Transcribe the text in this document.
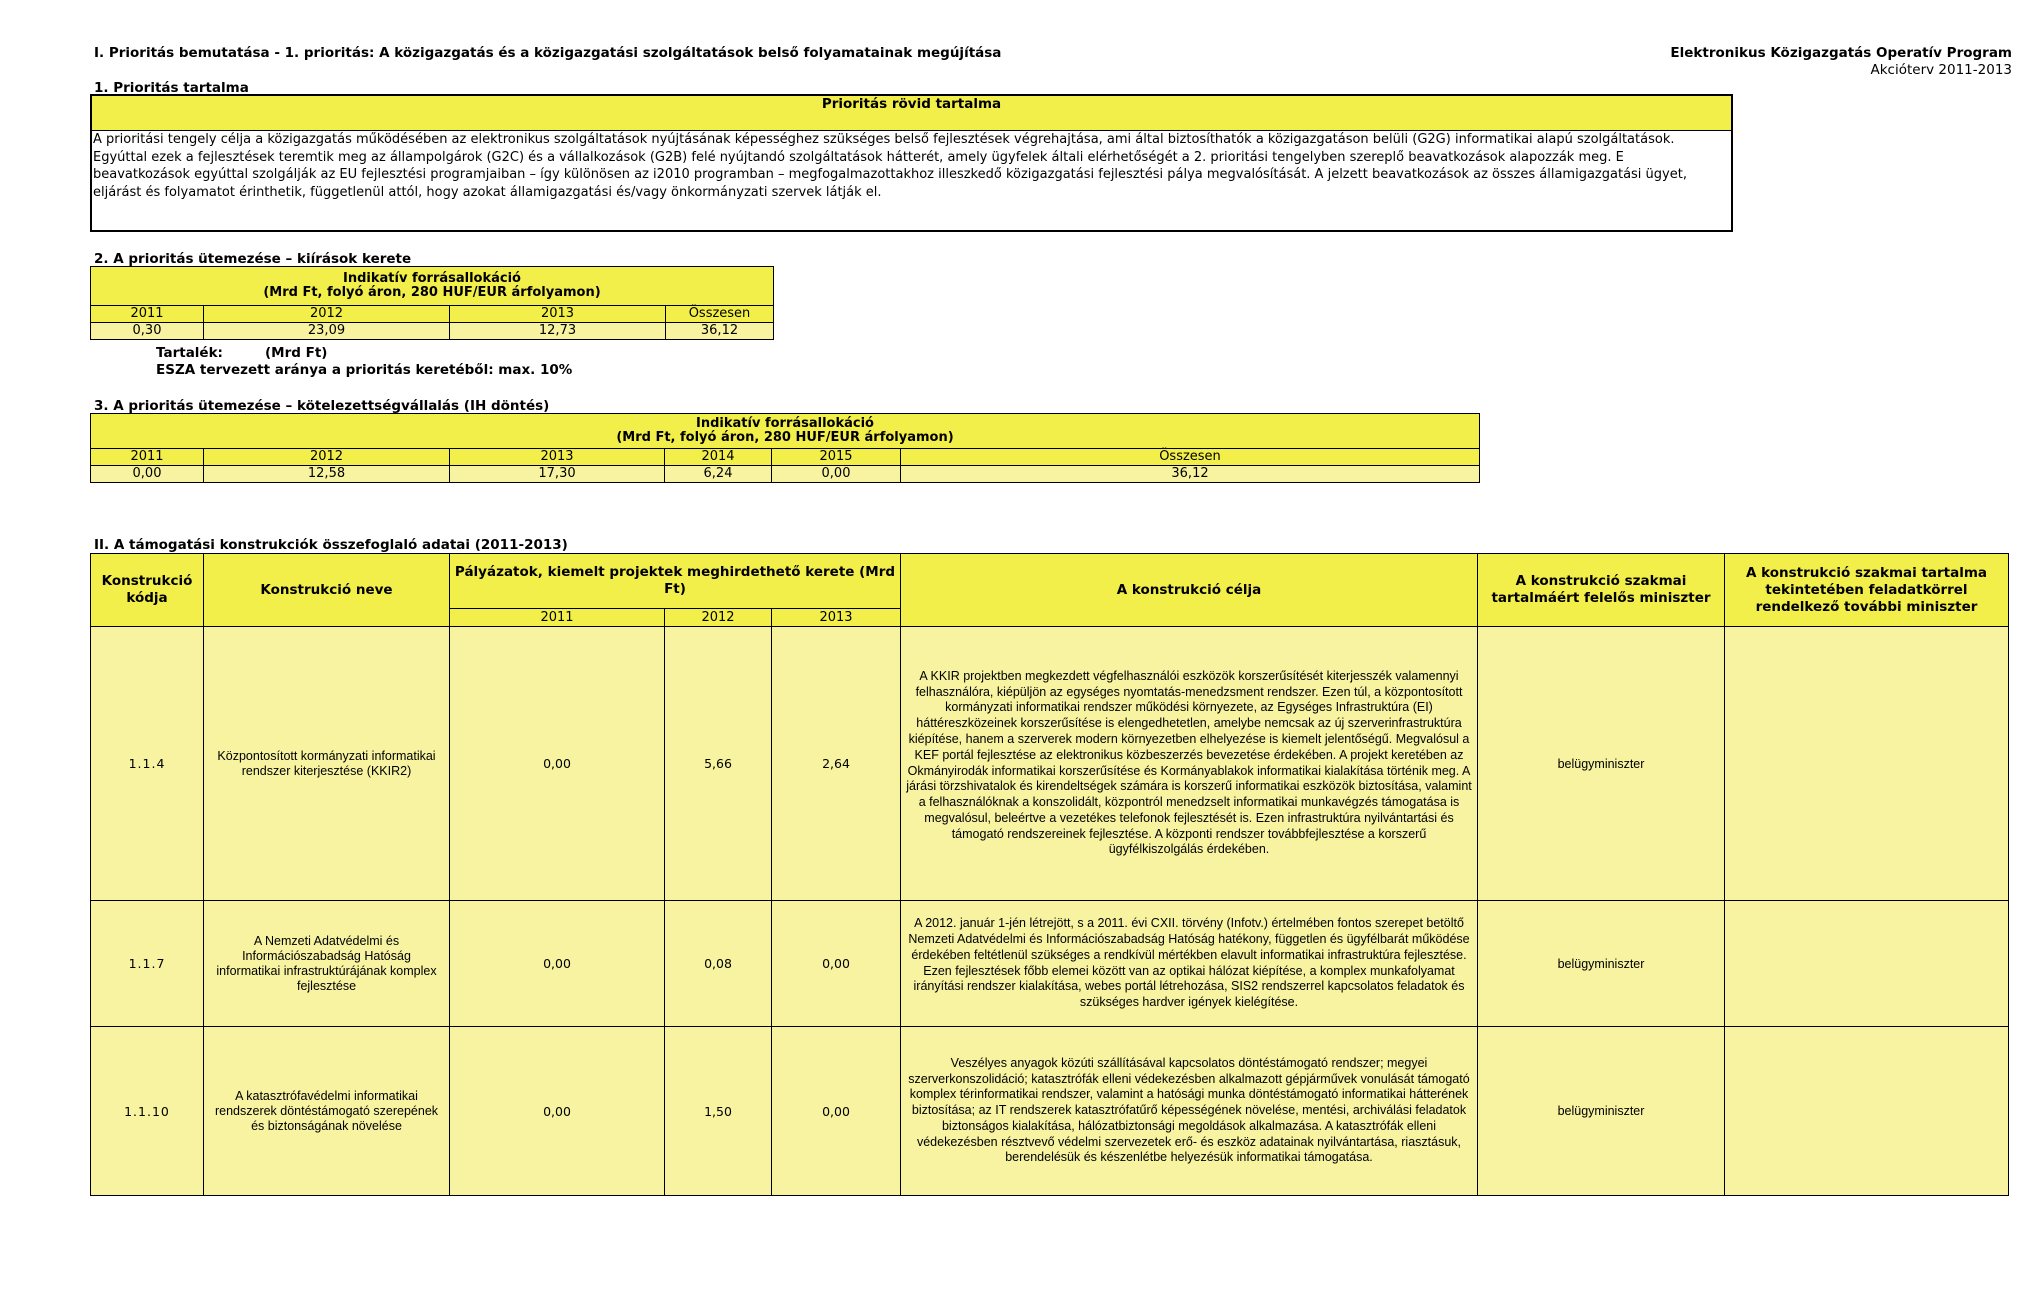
I. Prioritás bemutatása - 1. prioritás: A közigazgatás és a közigazgatási szolgáltatások belső folyamatainak megújítása	Elektronikus Közigazgatás Operatív Program
Akcióterv 2011-2013
1. Prioritás tartalma
Prioritás rövid tartalma
A prioritási tengely célja a közigazgatás működésében az elektronikus szolgáltatások nyújtásának képességhez szükséges belső fejlesztések végrehajtása, ami által biztosíthatók a közigazgatáson belüli (G2G) informatikai alapú szolgáltatások.
Egyúttal ezek a fejlesztések teremtik meg az állampolgárok (G2C) és a vállalkozások (G2B) felé nyújtandó szolgáltatások hátterét, amely ügyfelek általi elérhetőségét a 2. prioritási tengelyben szereplő beavatkozások alapozzák meg. E
beavatkozások egyúttal szolgálják az EU fejlesztési programjaiban – így különösen az i2010 programban – megfogalmazottakhoz illeszkedő közigazgatási fejlesztési pálya megvalósítását. A jelzett beavatkozások az összes államigazgatási ügyet,
eljárást és folyamatot érinthetik, függetlenül attól, hogy azokat államigazgatási és/vagy önkormányzati szervek látják el.
2. A prioritás ütemezése – kiírások kerete
Indikatív forrásallokáció
(Mrd Ft, folyó áron, 280 HUF/EUR árfolyamon)			

2011	2012	2013	Összesen
0,30	23,09	12,73	36,12
Tartalék:	(Mrd Ft)
ESZA tervezett aránya a prioritás keretéből: max. 10%
3. A prioritás ütemezése – kötelezettségvállalás (IH döntés)
Indikatív forrásallokáció
(Mrd Ft, folyó áron, 280 HUF/EUR árfolyamon)					

2011	2012	2013	2014	2015	Összesen
0,00	12,58	17,30	6,24	0,00	36,12
II. A támogatási konstrukciók összefoglaló adatai (2011-2013)
Konstrukció kódja	Konstrukció neve	Pályázatok, kiemelt projektek meghirdethető kerete (Mrd Ft)			A konstrukció célja	A konstrukció szakmai tartalmáért felelős miniszter	A konstrukció szakmai tartalma tekintetében feladatkörrel rendelkező további miniszter
		2011	2012	2013			
1.1.4	Központosított kormányzati informatikai rendszer kiterjesztése (KKIR2)	0,00	5,66	2,64	A KKIR projektben megkezdett végfelhasználói eszközök korszerűsítését kiterjesszék valamennyi felhasználóra, kiépüljön az egységes nyomtatás-menedzsment rendszer. Ezen túl, a központosított kormányzati informatikai rendszer működési környezete, az Egységes Infrastruktúra (EI) háttéreszközeinek korszerűsítése is elengedhetetlen, amelybe nemcsak az új szerverinfrastruktúra kiépítése, hanem a szerverek modern környezetben elhelyezése is kiemelt jelentőségű. Megvalósul a KEF portál fejlesztése az elektronikus közbeszerzés bevezetése érdekében. A projekt keretében az Okmányirodák informatikai korszerűsítése és Kormányablakok informatikai kialakítása történik meg. A járási törzshivatalok és kirendeltségek számára is korszerű informatikai eszközök biztosítása, valamint a felhasználóknak a konszolidált, központról menedzselt informatikai munkavégzés támogatása is megvalósul, beleértve a vezetékes telefonok fejlesztését is. Ezen infrastruktúra nyilvántartási és támogató rendszereinek fejlesztése. A központi rendszer továbbfejlesztése a korszerű ügyfélkiszolgálás érdekében.	belügyminiszter	
1.1.7	A Nemzeti Adatvédelmi és Információszabadság Hatóság informatikai infrastruktúrájának komplex fejlesztése	0,00	0,08	0,00	A 2012. január 1-jén létrejött, s a 2011. évi CXII. törvény (Infotv.) értelmében fontos szerepet betöltő Nemzeti Adatvédelmi és Információszabadság Hatóság hatékony, független és ügyfélbarát működése érdekében feltétlenül szükséges a rendkívül mértékben elavult informatikai infrastruktúra fejlesztése. Ezen fejlesztések főbb elemei között van az optikai hálózat kiépítése, a komplex munkafolyamat irányítási rendszer kialakítása, webes portál létrehozása, SIS2 rendszerrel kapcsolatos feladatok és szükséges hardver igények kielégítése.	belügyminiszter	
1.1.10	A katasztrófavédelmi informatikai rendszerek döntéstámogató szerepének és biztonságának növelése	0,00	1,50	0,00	Veszélyes anyagok közúti szállításával kapcsolatos döntéstámogató rendszer; megyei szerverkonszolidáció; katasztrófák elleni védekezésben alkalmazott gépjárművek vonulását támogató komplex térinformatikai rendszer, valamint a hatósági munka döntéstámogató informatikai hátterének biztosítása; az IT rendszerek katasztrófatűrő képességének növelése, mentési, archiválási feladatok biztonságos kialakítása, hálózatbiztonsági megoldások alkalmazása. A katasztrófák elleni védekezésben résztvevő védelmi szervezetek erő- és eszköz adatainak nyilvántartása, riasztásuk, berendelésük és készenlétbe helyezésük informatikai támogatása.	belügyminiszter	
